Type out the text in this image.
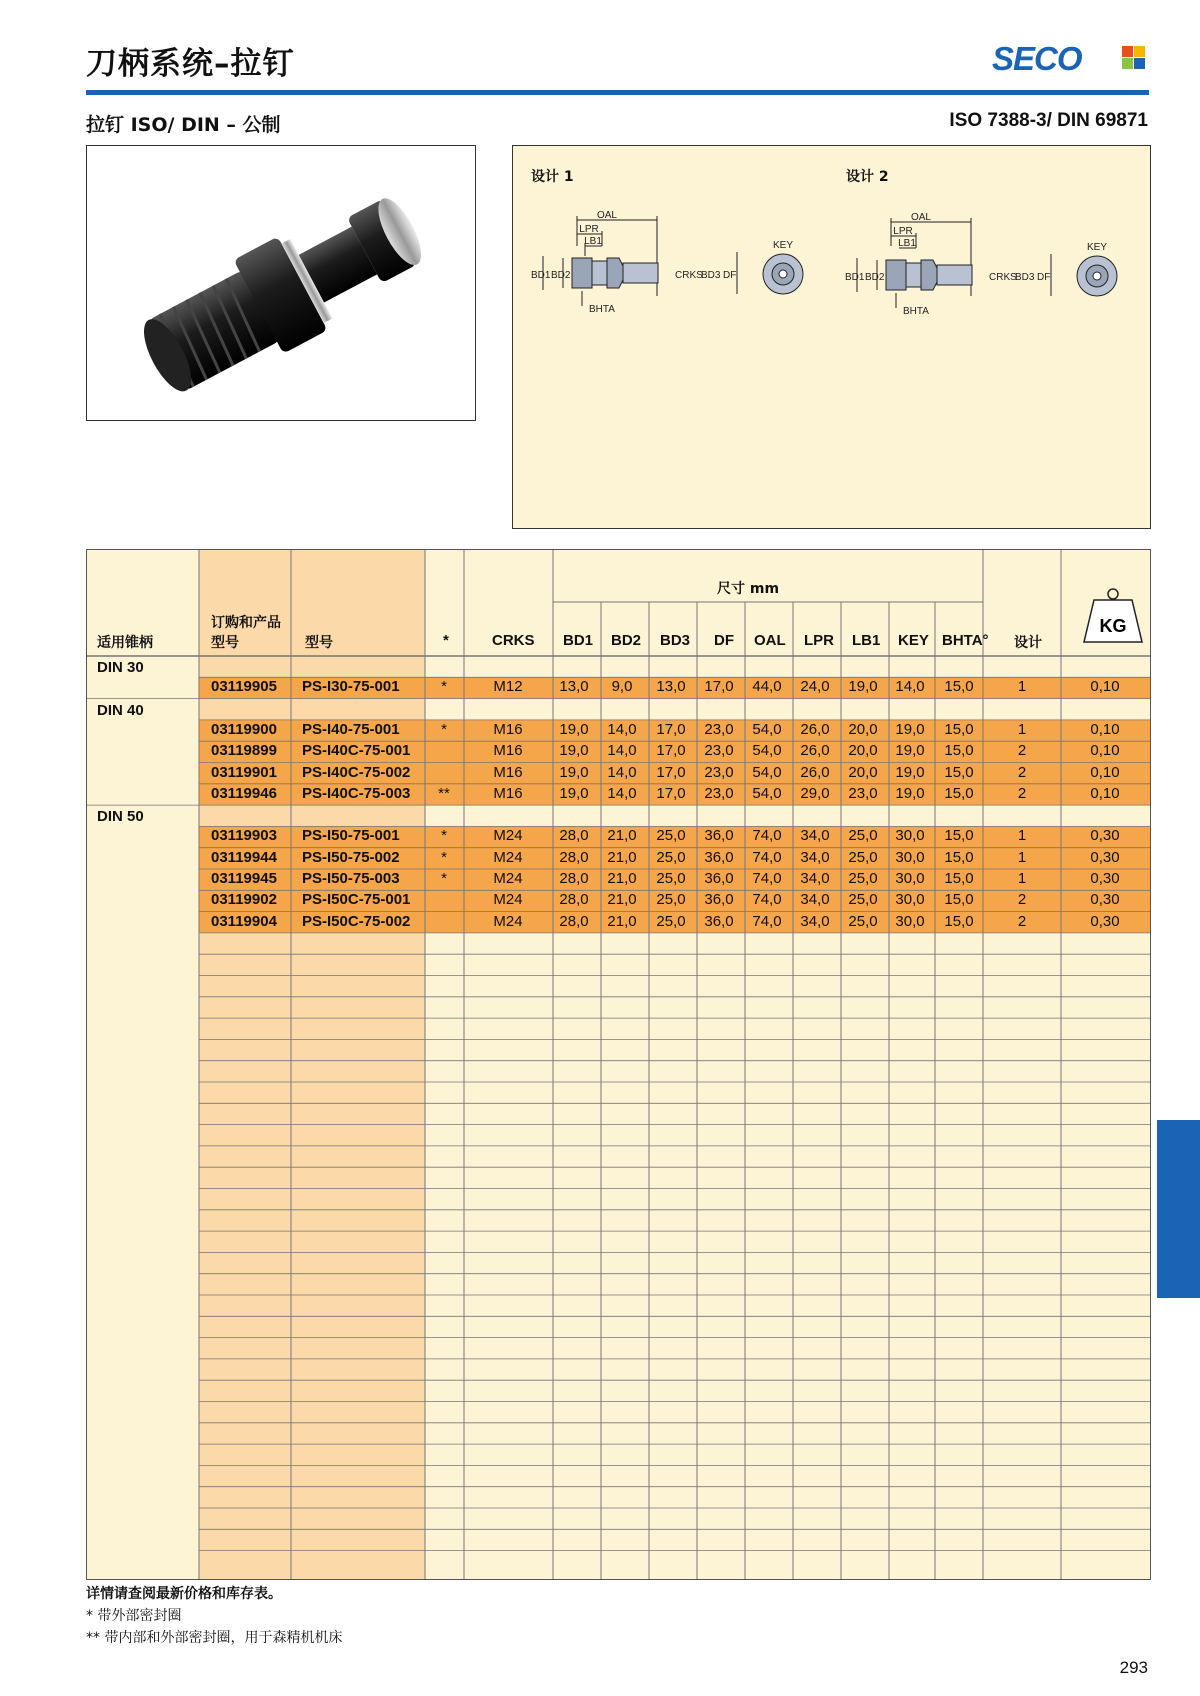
刀柄系统–拉钉	SECO
拉钉 ISO/ DIN – 公制	ISO 7388-3/ DIN 69871
设计 1	设计 2
OAL
LPR
LB1
BD1 BD2	CRKS
BD3 DF
BHTA
KEY
OAL
LPR
LB1
BD1 BD2	CRKS
BD3 DF
BHTA
KEY
适用锥柄
订购和产品
型号	型号	*	CRKS
尺寸 mm
BD1 BD2 BD3 DF OAL LPR LB1 KEY BHTA° 设计
KG
DIN 30
03119905 PS-I30-75-001	*	M12	13,0	9,0	13,0	17,0	44,0	24,0	19,0	14,0	15,0	1	0,10
DIN 40
03119900 PS-I40-75-001	*	M16	19,0	14,0	17,0	23,0	54,0	26,0	20,0	19,0	15,0	1	0,10
03119899 PS-I40C-75-001	M16	19,0	14,0	17,0	23,0	54,0	26,0	20,0	19,0	15,0	2	0,10
03119901 PS-I40C-75-002	M16	19,0	14,0	17,0	23,0	54,0	26,0	20,0	19,0	15,0	2	0,10
03119946 PS-I40C-75-003	**	M16	19,0	14,0	17,0	23,0	54,0	29,0	23,0	19,0	15,0	2	0,10
DIN 50
03119903 PS-I50-75-001	*	M24	28,0	21,0	25,0	36,0	74,0	34,0	25,0	30,0	15,0	1	0,30
03119944 PS-I50-75-002	*	M24	28,0	21,0	25,0	36,0	74,0	34,0	25,0	30,0	15,0	1	0,30
03119945 PS-I50-75-003	*	M24	28,0	21,0	25,0	36,0	74,0	34,0	25,0	30,0	15,0	1	0,30
03119902 PS-I50C-75-001	M24	28,0	21,0	25,0	36,0	74,0	34,0	25,0	30,0	15,0	2	0,30
03119904 PS-I50C-75-002	M24	28,0	21,0	25,0	36,0	74,0	34,0	25,0	30,0	15,0	2	0,30
详情请查阅最新价格和库存表。
* 带外部密封圈
** 带内部和外部密封圈，用于森精机机床
293
